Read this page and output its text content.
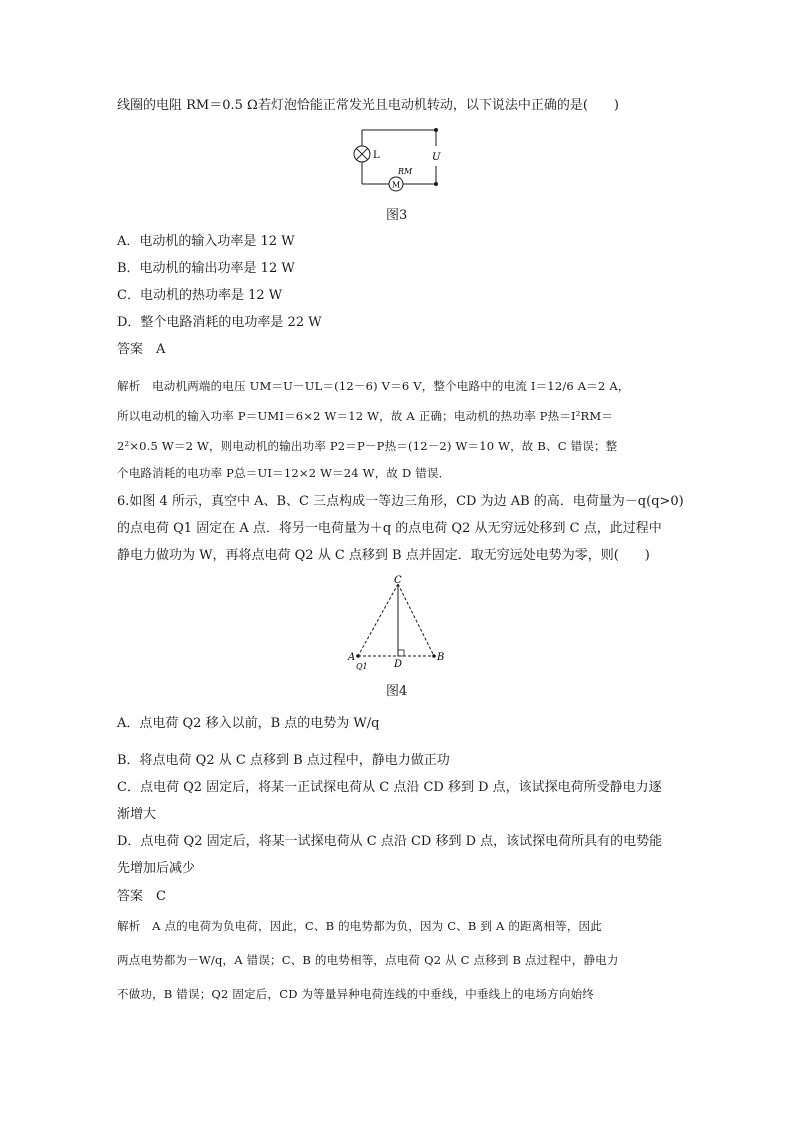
线圈的电阻 RM＝0.5 Ω若灯泡恰能正常发光且电动机转动，以下说法中正确的是(　　)
L
M
RM
U
图3
A．电动机的输入功率是 12 W
B．电动机的输出功率是 12 W
C．电动机的热功率是 12 W
D．整个电路消耗的电功率是 22 W
答案　 A
解析　 电动机两端的电压 UM＝U－UL＝(12－6) V＝6 V，整个电路中的电流 I＝12/6 A＝2 A，
所以电动机的输入功率 P＝UMI＝6×2 W＝12 W，故 A 正确；电动机的热功率 P热＝I²RM＝
2²×0.5 W＝2 W，则电动机的输出功率 P2＝P－P热＝(12－2) W＝10 W，故 B、C 错误；整
个电路消耗的电功率 P总＝UI＝12×2 W＝24 W，故 D 错误．
6.如图 4 所示，真空中 A、B、C 三点构成一等边三角形，CD 为边 AB 的高．电荷量为－q(q>0)
的点电荷 Q1 固定在 A 点．将另一电荷量为＋q 的点电荷 Q2 从无穷远处移到 C 点，此过程中
静电力做功为 W，再将点电荷 Q2 从 C 点移到 B 点并固定．取无穷远处电势为零，则(　　)
C
A	B
D
Q1
图4
A．点电荷 Q2 移入以前，B 点的电势为 W/q
B．将点电荷 Q2 从 C 点移到 B 点过程中，静电力做正功
C．点电荷 Q2 固定后，将某一正试探电荷从 C 点沿 CD 移到 D 点，该试探电荷所受静电力逐
渐增大
D．点电荷 Q2 固定后，将某一试探电荷从 C 点沿 CD 移到 D 点，该试探电荷所具有的电势能
先增加后减少
答案　 C
解析　 A 点的电荷为负电荷，因此，C、B 的电势都为负，因为 C、B 到 A 的距离相等，因此
两点电势都为－W/q，A 错误；C、B 的电势相等，点电荷 Q2 从 C 点移到 B 点过程中，静电力
不做功，B 错误；Q2 固定后，CD 为等量异种电荷连线的中垂线，中垂线上的电场方向始终
